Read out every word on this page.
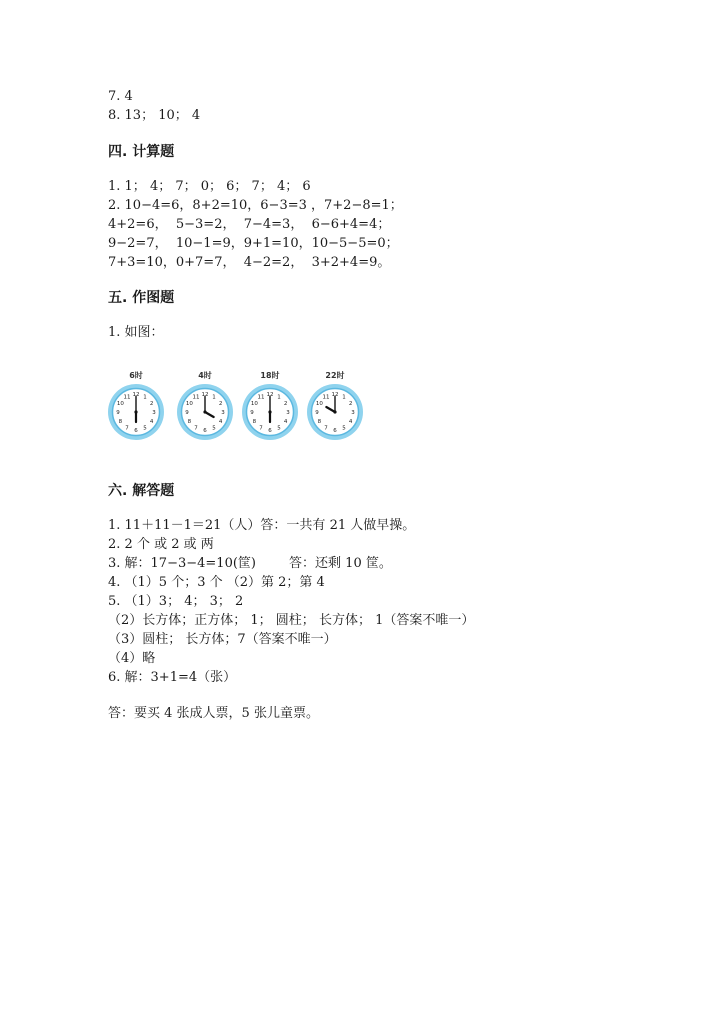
7. 4
8. 13； 10； 4
四. 计算题
1. 1； 4； 7； 0； 6； 7； 4； 6
2. 10−4=6，8+2=10，6−3=3 ，7+2−8=1；
4+2=6，  5−3=2，  7−4=3，  6−6+4=4；
9−2=7，  10−1=9，9+1=10，10−5−5=0；
7+3=10，0+7=7，  4−2=2，  3+2+4=9。
五. 作图题
1. 如图：
6时
1
2
3
4
5
6
7
8
9
10
11 12
4时
1
2
3
4
5
6
7
8
9
10
11 12
18时
1
2
3
4
5
6
7
8
9
10
11 12
22时
1
2
3
4
5
6
7
8
9
10
11 12
六. 解答题
1. 11＋11－1＝21（人）答：一共有 21 人做早操。
2. 2 个 或 2 或 两
3. 解：17−3−4=10(筐)        答：还剩 10 筐。
4. （1）5 个；3 个 （2）第 2；第 4
5. （1）3； 4； 3； 2
（2）长方体；正方体； 1； 圆柱； 长方体； 1（答案不唯一）
（3）圆柱； 长方体；7（答案不唯一）
（4）略
6. 解：3+1=4（张）
答：要买 4 张成人票，5 张儿童票。
